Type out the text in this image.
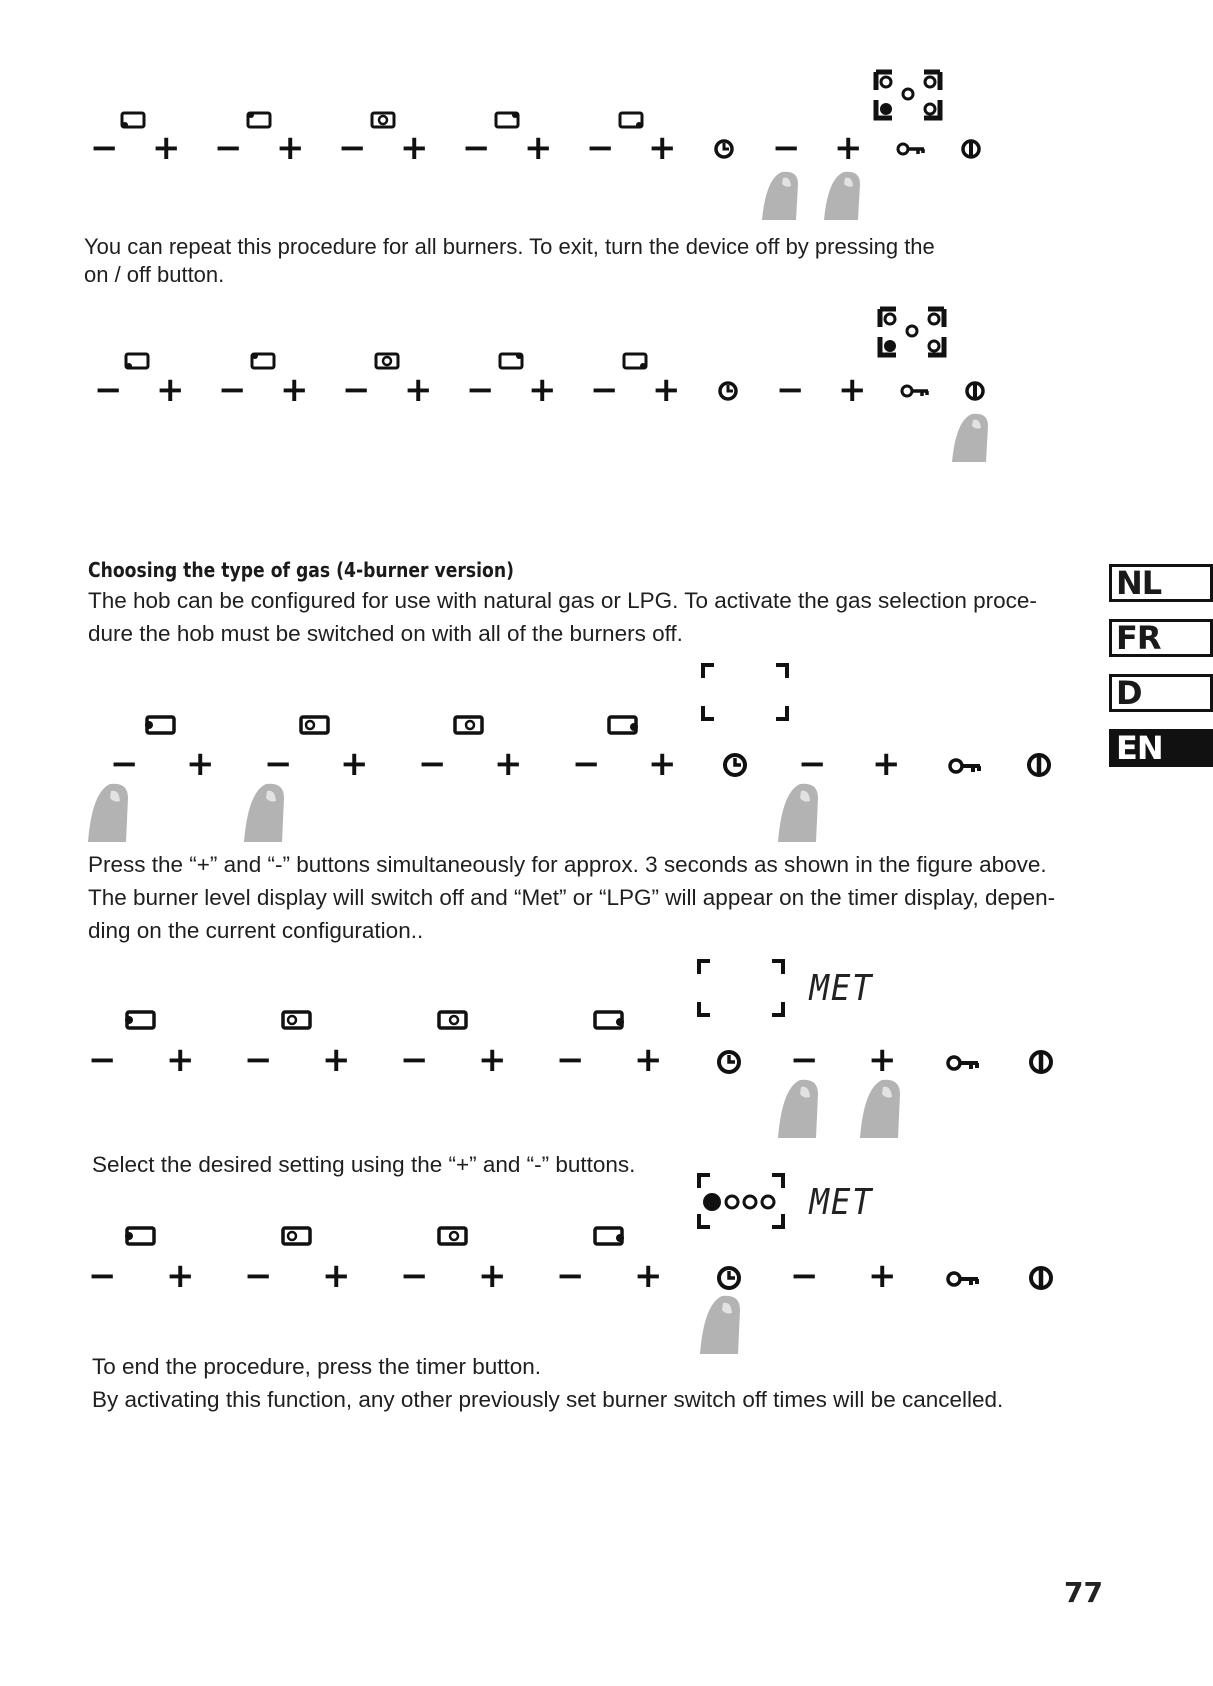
− + − + − + − + − +	− +
You can repeat this procedure for all burners. To exit, turn the device off by pressing the
on / off button.
− + − + − + − + − +	− +
Choosing the type of gas (4-burner version)
The hob can be configured for use with natural gas or LPG. To activate the gas selection proce-
dure the hob must be switched on with all of the burners off.
NL
FR
D
EN
− + − + − + − +	− +
Press the “+” and “-” buttons simultaneously for approx. 3 seconds as shown in the figure above.
The burner level display will switch off and “Met” or “LPG” will appear on the timer display, depen-
ding on the current configuration..
MET
− + − + − + − +	− +
Select the desired setting using the “+” and “-” buttons.
MET
− + − + − + − +	− +
To end the procedure, press the timer button.
By activating this function, any other previously set burner switch off times will be cancelled.
77
